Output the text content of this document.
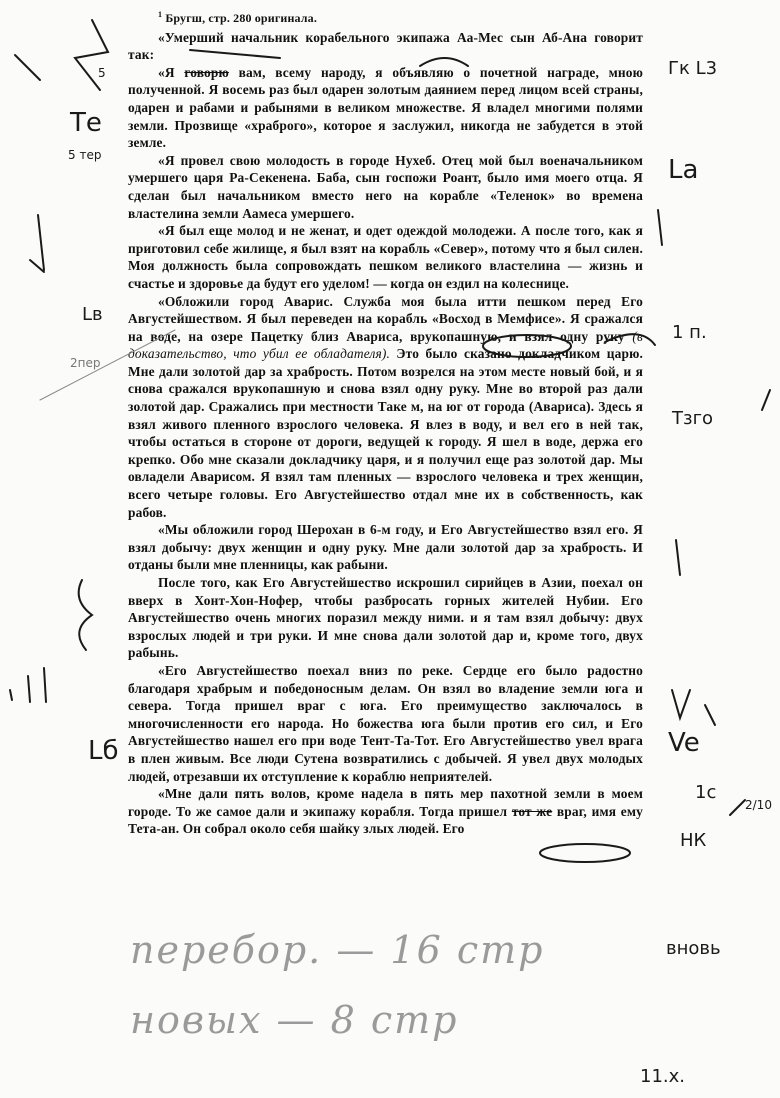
$^1$ Бругш, стр. 280 оригинала.

«Умерший начальник корабельного экипажа Аа-Мес сын Аб-Ана говорит так:

«Я говорю вам, всему народу, я объявляю о почетной награде, мною полученной. Я восемь раз был одарен золотым даянием перед лицом всей страны, одарен и рабами и рабынями в великом множестве. Я владел многими полями земли. Прозвище «храброго», которое я заслужил, никогда не забудется в этой земле.

«Я провел свою молодость в городе Нухеб. Отец мой был военачальником умершего царя Ра-Секенена. Баба, сын госпожи Роант, было имя моего отца. Я сделан был начальником вместо него на корабле «Теленок» во времена властелина земли Аамеса умершего.

«Я был еще молод и не женат, и одет одеждой молодежи. А после того, как я приготовил себе жилище, я был взят на корабль «Север», потому что я был силен. Моя должность была сопровождать пешком великого властелина — жизнь и счастье и здоровье да будут его уделом! — когда он ездил на колеснице.

«Обложили город Аварис. Служба моя была итти пешком перед Его Августейшеством. Я был переведен на корабль «Восход в Мемфисе». Я сражался на воде, на озере Пацетку близ Авариса, врукопашную, и взял одну руку (в доказательство, что убил ее обладателя). Это было сказано докладчиком царю. Мне дали золотой дар за храбрость. Потом возрелся на этом месте новый бой, и я снова сражался врукопашную и снова взял одну руку. Мне во второй раз дали золотой дар. Сражались при местности Таке м, на юг от города (Авариса). Здесь я взял живого пленного взрослого человека. Я влез в воду, и вел его в ней так, чтобы остаться в стороне от дороги, ведущей к городу. Я шел в воде, держа его крепко. Обо мне сказали докладчику царя, и я получил еще раз золотой дар. Мы овладели Аварисом. Я взял там пленных — взрослого человека и трех женщин, всего четыре головы. Его Августейшество отдал мне их в собственность, как рабов.

«Мы обложили город Шерохан в 6-м году, и Его Августейшество взял его. Я взял добычу: двух женщин и одну руку. Мне дали золотой дар за храбрость. И отданы были мне пленницы, как рабыни.

После того, как Его Августейшество искрошил сирийцев в Азии, поехал он вверх в Хонт-Хон-Нофер, чтобы разбросать горных жителей Нубии. Его Августейшество очень многих поразил между ними. и я там взял добычу: двух взрослых людей и три руки. И мне снова дали золотой дар и, кроме того, двух рабынь.

«Его Августейшество поехал вниз по реке. Сердце его было радостно благодаря храбрым и победоносным делам. Он взял во владение земли юга и севера. Тогда пришел враг с юга. Его преимущество заключалось в многочисленности его народа. Но божества юга были против его сил, и Его Августейшество нашел его при воде Тент-Та-Тот. Его Августейшество увел врага в плен живым. Все люди Сутена возвратились с добычей. Я увел двух молодых людей, отрезавши их отступление к кораблю неприятелей.

«Мне дали пять волов, кроме надела в пять мер пахотной земли в моем городе. То же самое дали и экипажу корабля. Тогда пришел тот же враг, имя ему Тета-ан. Он собрал около себя шайку злых людей. Его

Гк L3
Lа
1 п.
Тзго
Ve
1с
НК
вновь
2/10
Те
5 тер
Lв
2пер
Lб
5
перебор. — 16 стр
новых — 8 стр
11.х.
